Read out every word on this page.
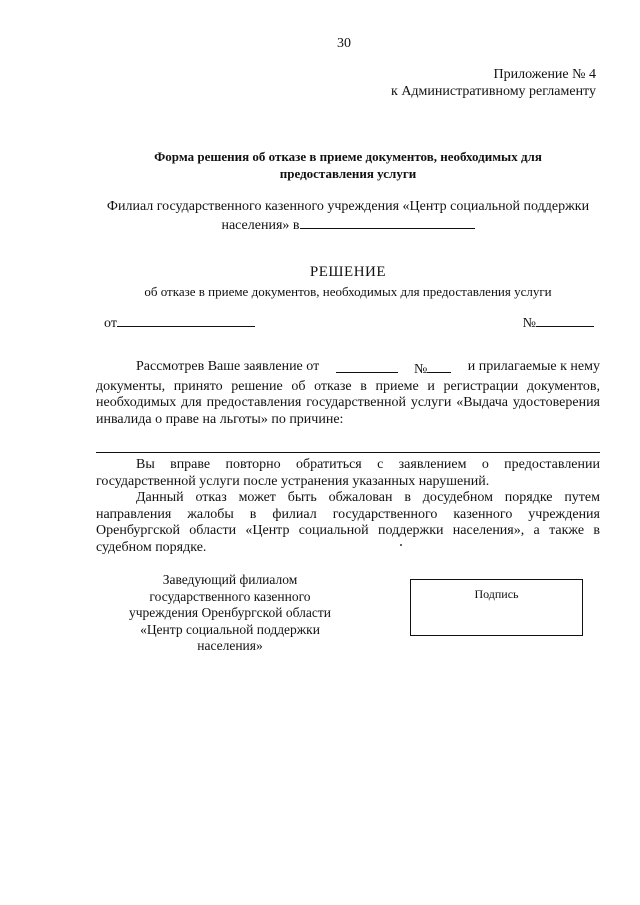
30
Приложение № 4
к Административному регламенту
Форма решения об отказе в приеме документов, необходимых для
предоставления услуги
Филиал государственного казенного учреждения «Центр социальной поддержки
населения» в
РЕШЕНИЕ
об отказе в приеме документов, необходимых для предоставления услуги
от	№
Рассмотрев Ваше заявление от	№	и прилагаемые к нему
документы, принято решение об отказе в приеме и регистрации документов, необходимых для предоставления государственной услуги «Выдача удостоверения инвалида о праве на льготы» по причине:
Вы вправе повторно обратиться с заявлением о предоставлении государственной услуги после устранения указанных нарушений.
Данный отказ может быть обжалован в досудебном порядке путем направления жалобы в филиал государственного казенного учреждения Оренбургской области «Центр социальной поддержки населения», а также в судебном порядке.
Заведующий филиалом
государственного казенного
учреждения Оренбургской области
«Центр социальной поддержки
населения»
Подпись
